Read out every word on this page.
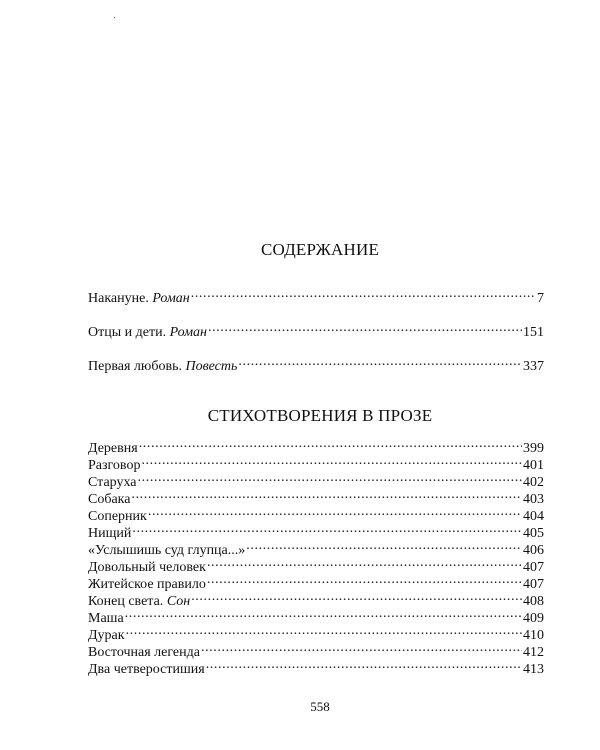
СОДЕРЖАНИЕ
Накануне. Роман .....	7
Отцы и дети. Роман .....	151
Первая любовь. Повесть .....	337
СТИХОТВОРЕНИЯ В ПРОЗЕ
Деревня .....	399
Разговор .....	401
Старуха .....	402
Собака .....	403
Соперник .....	404
Нищий .....	405
«Услышишь суд глупца...» .....	406
Довольный человек .....	407
Житейское правило .....	407
Конец света. Сон .....	408
Маша .....	409
Дурак .....	410
Восточная легенда .....	412
Два четверостишия .....	413
558
